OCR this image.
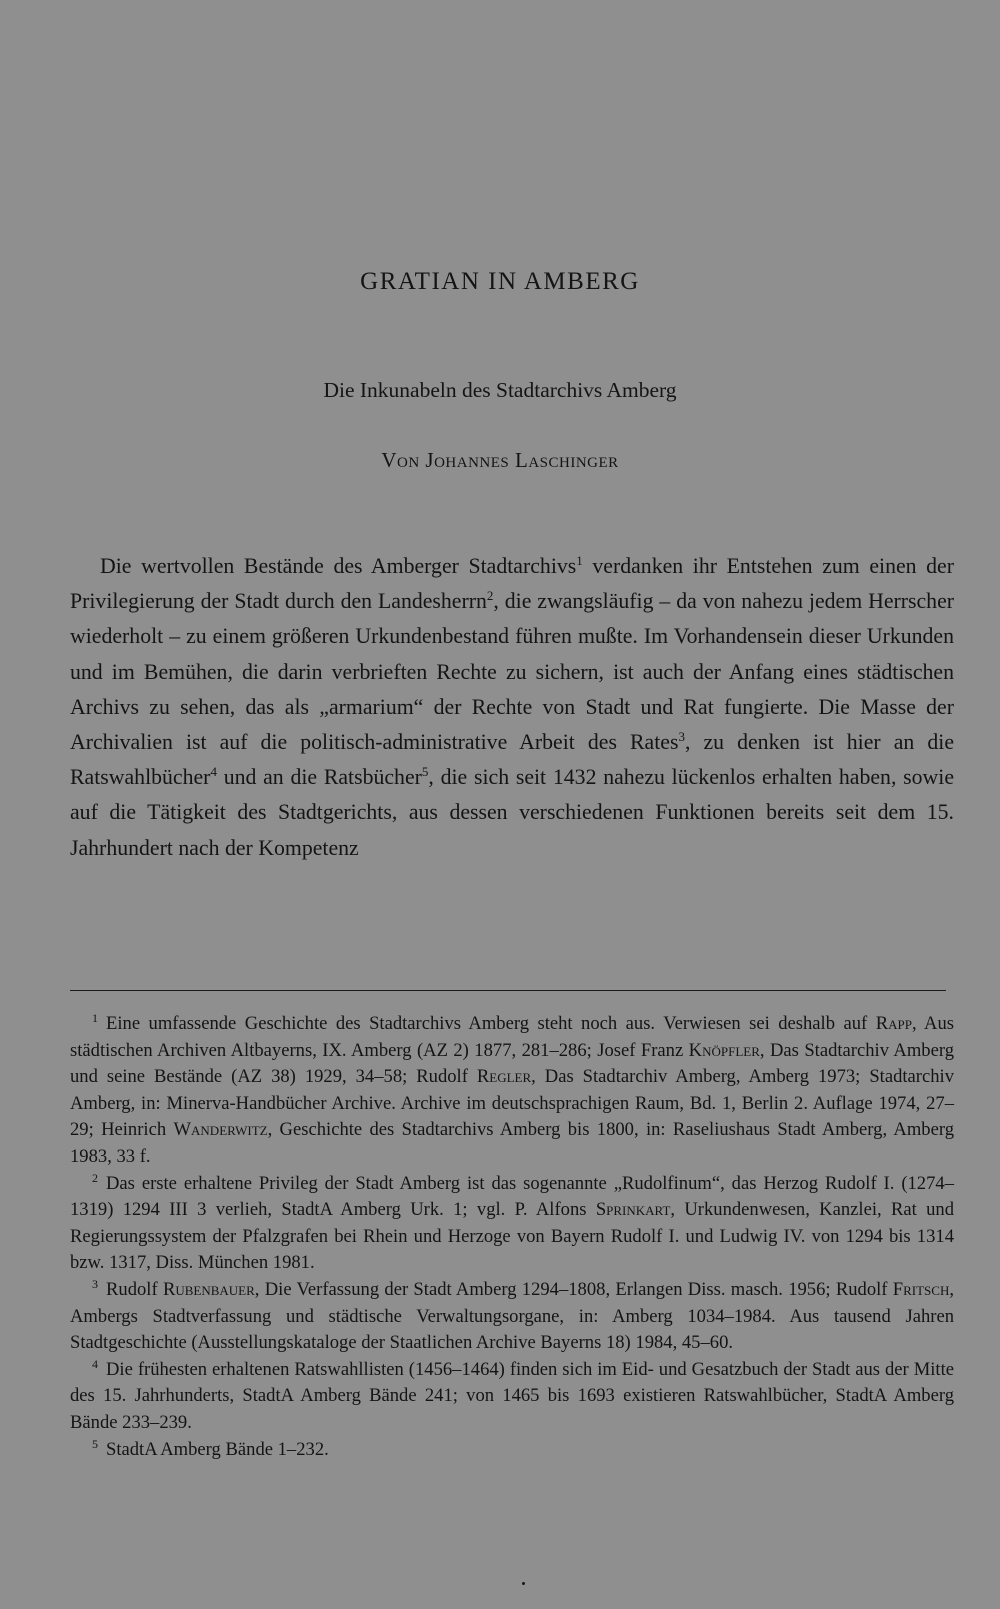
GRATIAN IN AMBERG
Die Inkunabeln des Stadtarchivs Amberg
Von Johannes Laschinger

Die wertvollen Bestände des Amberger Stadtarchivs$^1$ verdanken ihr Entstehen zum einen der Privilegierung der Stadt durch den Landesherrn$^2$, die zwangsläufig – da von nahezu jedem Herrscher wiederholt – zu einem größeren Urkundenbestand führen mußte. Im Vorhandensein dieser Urkunden und im Bemühen, die darin verbrieften Rechte zu sichern, ist auch der Anfang eines städtischen Archivs zu sehen, das als „armarium“ der Rechte von Stadt und Rat fungierte. Die Masse der Archivalien ist auf die politisch-administrative Arbeit des Rates$^3$, zu denken ist hier an die Ratswahlbücher$^4$ und an die Ratsbücher$^5$, die sich seit 1432 nahezu lückenlos erhalten haben, sowie auf die Tätigkeit des Stadtgerichts, aus dessen verschiedenen Funktionen bereits seit dem 15. Jahrhundert nach der Kompetenz

$^1$ Eine umfassende Geschichte des Stadtarchivs Amberg steht noch aus. Verwiesen sei deshalb auf Rapp, Aus städtischen Archiven Altbayerns, IX. Amberg (AZ 2) 1877, 281–286; Josef Franz Knöpfler, Das Stadtarchiv Amberg und seine Bestände (AZ 38) 1929, 34–58; Rudolf Regler, Das Stadtarchiv Amberg, Amberg 1973; Stadtarchiv Amberg, in: Minerva-Handbücher Archive. Archive im deutschsprachigen Raum, Bd. 1, Berlin 2. Auflage 1974, 27–29; Heinrich Wanderwitz, Geschichte des Stadtarchivs Amberg bis 1800, in: Raseliushaus Stadt Amberg, Amberg 1983, 33 f.

$^2$ Das erste erhaltene Privileg der Stadt Amberg ist das sogenannte „Rudolfinum“, das Herzog Rudolf I. (1274–1319) 1294 III 3 verlieh, StadtA Amberg Urk. 1; vgl. P. Alfons Sprinkart, Urkundenwesen, Kanzlei, Rat und Regierungssystem der Pfalzgrafen bei Rhein und Herzoge von Bayern Rudolf I. und Ludwig IV. von 1294 bis 1314 bzw. 1317, Diss. München 1981.

$^3$ Rudolf Rubenbauer, Die Verfassung der Stadt Amberg 1294–1808, Erlangen Diss. masch. 1956; Rudolf Fritsch, Ambergs Stadtverfassung und städtische Verwaltungsorgane, in: Amberg 1034–1984. Aus tausend Jahren Stadtgeschichte (Ausstellungskataloge der Staatlichen Archive Bayerns 18) 1984, 45–60.

$^4$ Die frühesten erhaltenen Ratswahllisten (1456–1464) finden sich im Eid- und Gesatzbuch der Stadt aus der Mitte des 15. Jahrhunderts, StadtA Amberg Bände 241; von 1465 bis 1693 existieren Ratswahlbücher, StadtA Amberg Bände 233–239.

$^5$ StadtA Amberg Bände 1–232.
